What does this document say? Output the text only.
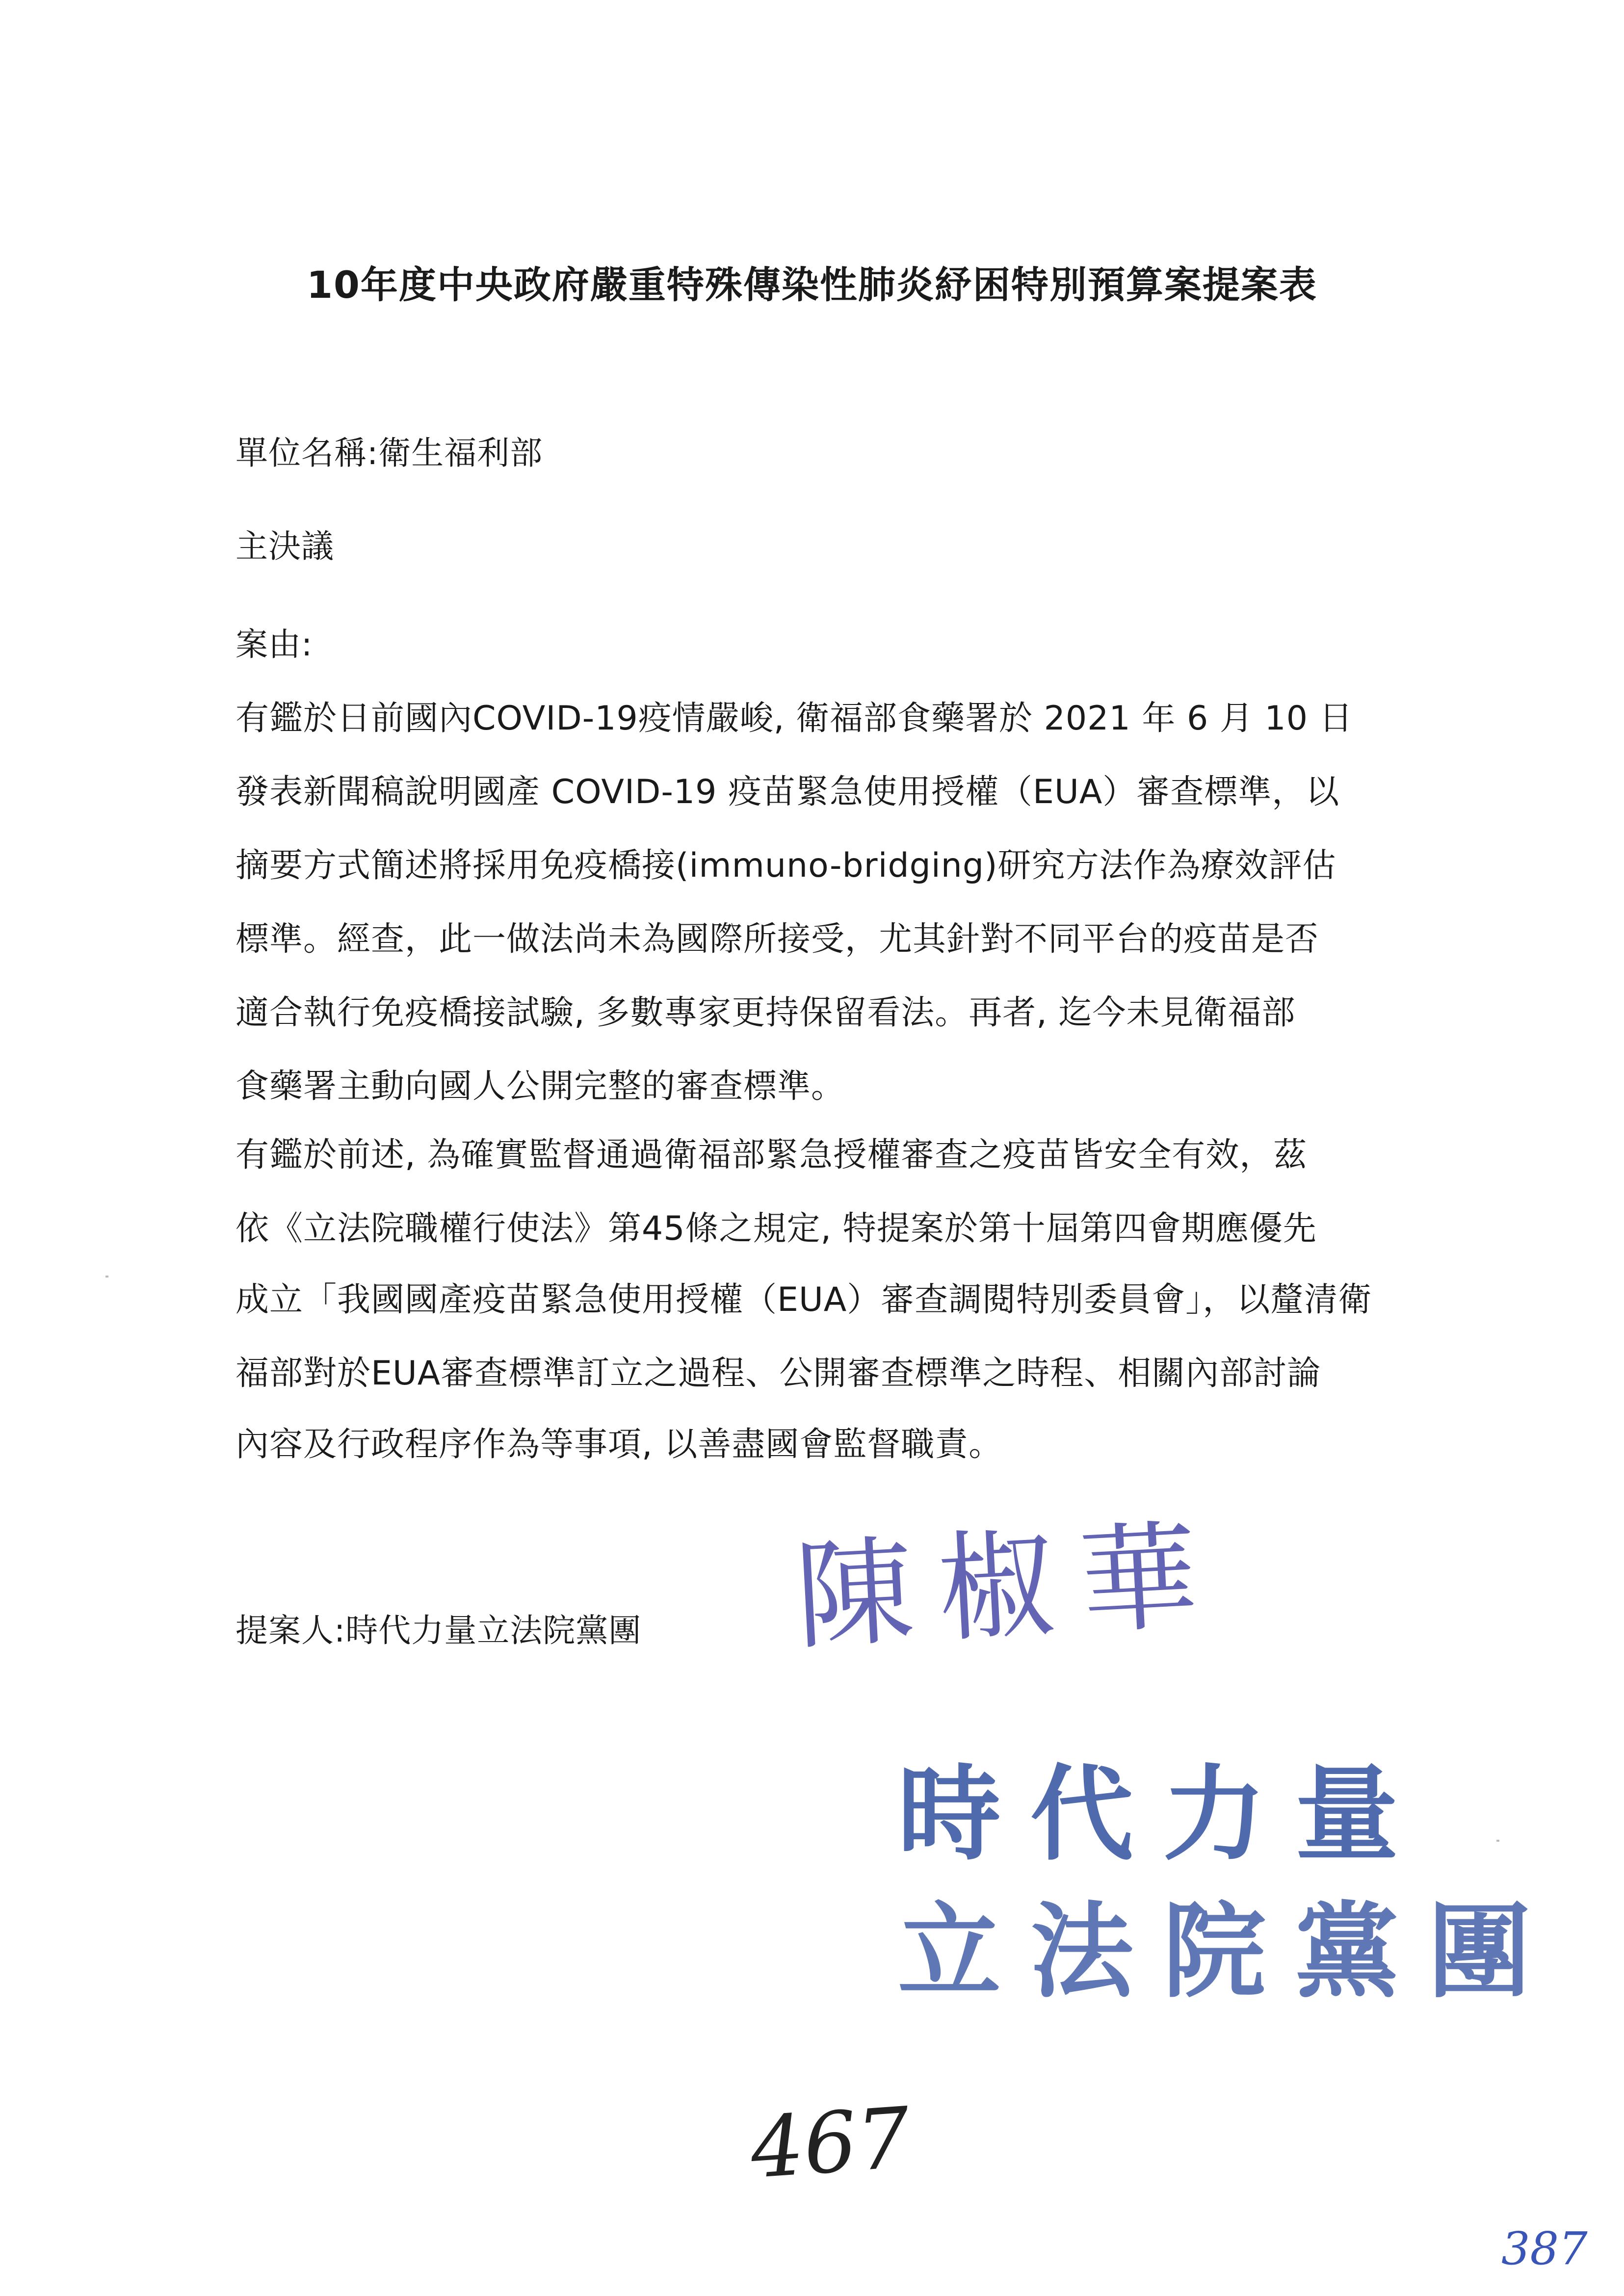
10年度中央政府嚴重特殊傳染性肺炎紓困特別預算案提案表
單位名稱:衛生福利部
主決議
案由:
有鑑於日前國內COVID-19疫情嚴峻, 衛福部食藥署於 2021 年 6 月 10 日
發表新聞稿說明國產 COVID-19 疫苗緊急使用授權（EUA）審查標準，以
摘要方式簡述將採用免疫橋接(immuno-bridging)研究方法作為療效評估
標準。經查，此一做法尚未為國際所接受，尤其針對不同平台的疫苗是否
適合執行免疫橋接試驗, 多數專家更持保留看法。再者, 迄今未見衛福部
食藥署主動向國人公開完整的審查標準。
有鑑於前述, 為確實監督通過衛福部緊急授權審查之疫苗皆安全有效，茲
依《立法院職權行使法》第45條之規定, 特提案於第十屆第四會期應優先
成立「我國國產疫苗緊急使用授權（EUA）審查調閱特別委員會」，以釐清衛
福部對於EUA審查標準訂立之過程、公開審查標準之時程、相關內部討論
內容及行政程序作為等事項, 以善盡國會監督職責。
提案人:時代力量立法院黨團 陳椒華
時代力量
立法院黨團
467
387
